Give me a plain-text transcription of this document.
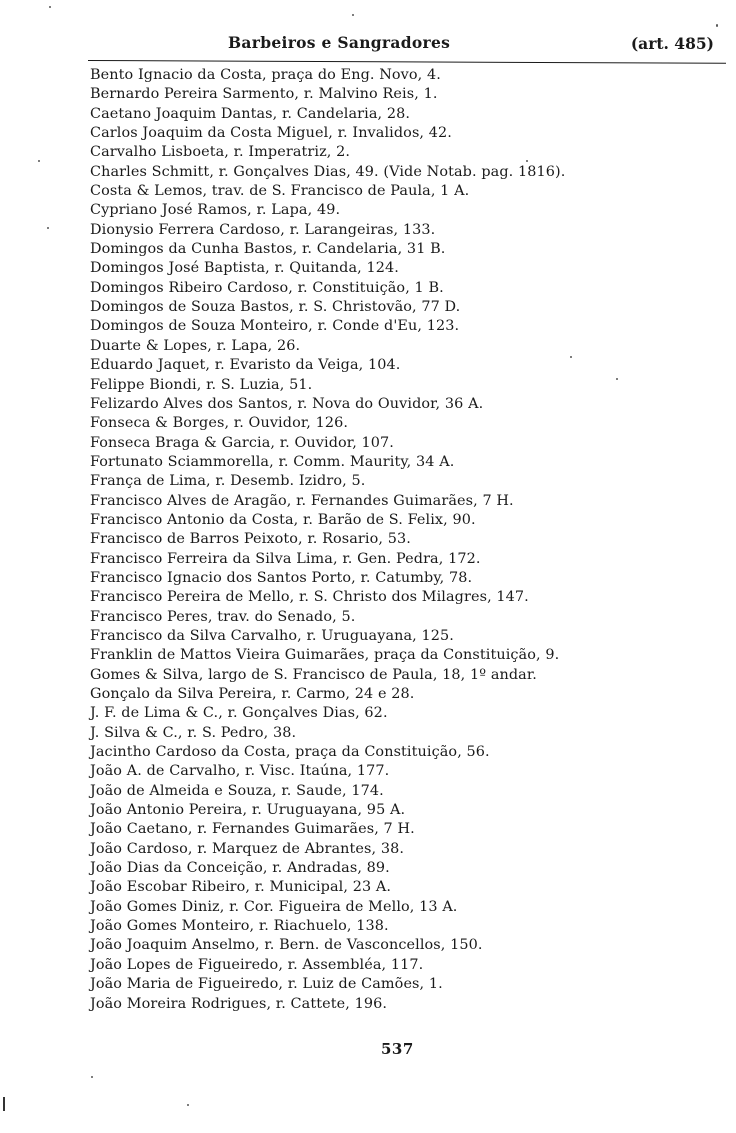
Barbeiros e Sangradores	(art. 485)
Bento Ignacio da Costa, praça do Eng. Novo, 4.
Bernardo Pereira Sarmento, r. Malvino Reis, 1.
Caetano Joaquim Dantas, r. Candelaria, 28.
Carlos Joaquim da Costa Miguel, r. Invalidos, 42.
Carvalho Lisboeta, r. Imperatriz, 2.
Charles Schmitt, r. Gonçalves Dias, 49. (Vide Notab. pag. 1816).
Costa & Lemos, trav. de S. Francisco de Paula, 1 A.
Cypriano José Ramos, r. Lapa, 49.
Dionysio Ferrera Cardoso, r. Larangeiras, 133.
Domingos da Cunha Bastos, r. Candelaria, 31 B.
Domingos José Baptista, r. Quitanda, 124.
Domingos Ribeiro Cardoso, r. Constituição, 1 B.
Domingos de Souza Bastos, r. S. Christovão, 77 D.
Domingos de Souza Monteiro, r. Conde d'Eu, 123.
Duarte & Lopes, r. Lapa, 26.
Eduardo Jaquet, r. Evaristo da Veiga, 104.
Felippe Biondi, r. S. Luzia, 51.
Felizardo Alves dos Santos, r. Nova do Ouvidor, 36 A.
Fonseca & Borges, r. Ouvidor, 126.
Fonseca Braga & Garcia, r. Ouvidor, 107.
Fortunato Sciammorella, r. Comm. Maurity, 34 A.
França de Lima, r. Desemb. Izidro, 5.
Francisco Alves de Aragão, r. Fernandes Guimarães, 7 H.
Francisco Antonio da Costa, r. Barão de S. Felix, 90.
Francisco de Barros Peixoto, r. Rosario, 53.
Francisco Ferreira da Silva Lima, r. Gen. Pedra, 172.
Francisco Ignacio dos Santos Porto, r. Catumby, 78.
Francisco Pereira de Mello, r. S. Christo dos Milagres, 147.
Francisco Peres, trav. do Senado, 5.
Francisco da Silva Carvalho, r. Uruguayana, 125.
Franklin de Mattos Vieira Guimarães, praça da Constituição, 9.
Gomes & Silva, largo de S. Francisco de Paula, 18, 1º andar.
Gonçalo da Silva Pereira, r. Carmo, 24 e 28.
J. F. de Lima & C., r. Gonçalves Dias, 62.
J. Silva & C., r. S. Pedro, 38.
Jacintho Cardoso da Costa, praça da Constituição, 56.
João A. de Carvalho, r. Visc. Itaúna, 177.
João de Almeida e Souza, r. Saude, 174.
João Antonio Pereira, r. Uruguayana, 95 A.
João Caetano, r. Fernandes Guimarães, 7 H.
João Cardoso, r. Marquez de Abrantes, 38.
João Dias da Conceição, r. Andradas, 89.
João Escobar Ribeiro, r. Municipal, 23 A.
João Gomes Diniz, r. Cor. Figueira de Mello, 13 A.
João Gomes Monteiro, r. Riachuelo, 138.
João Joaquim Anselmo, r. Bern. de Vasconcellos, 150.
João Lopes de Figueiredo, r. Assembléa, 117.
João Maria de Figueiredo, r. Luiz de Camões, 1.
João Moreira Rodrigues, r. Cattete, 196.
537
